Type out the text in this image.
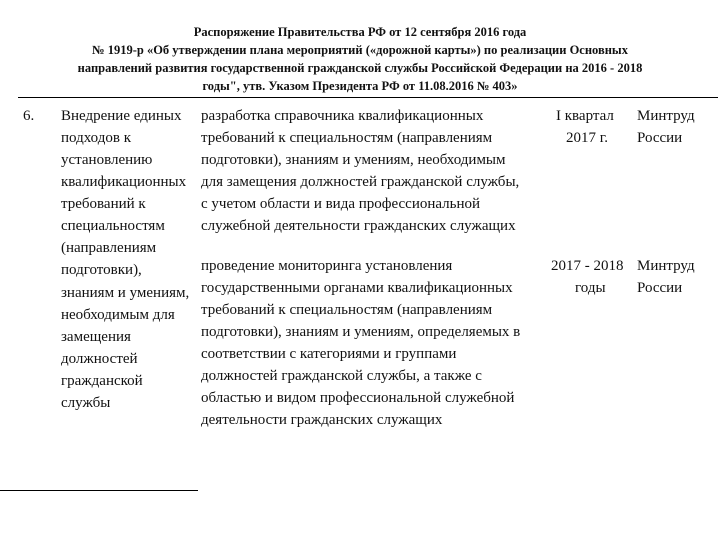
Распоряжение Правительства РФ от 12 сентября 2016 года
№ 1919-р «Об утверждении плана мероприятий («дорожной карты») по реализации Основных
направлений развития государственной гражданской службы Российской Федерации на 2016 - 2018
годы", утв. Указом Президента РФ от 11.08.2016 № 403»
6. Внедрение единых
подходов к
установлению
квалификационных
требований к
специальностям
(направлениям
подготовки),
знаниям и умениям,
необходимым для
замещения
должностей
гражданской
службы
разработка справочника квалификационных
требований к специальностям (направлениям
подготовки), знаниям и умениям, необходимым
для замещения должностей гражданской службы,
с учетом области и вида профессиональной
служебной деятельности гражданских служащих
I квартал
2017 г.
Минтруд
России
проведение мониторинга установления
государственными органами квалификационных
требований к специальностям (направлениям
подготовки), знаниям и умениям, определяемых в
соответствии с категориями и группами
должностей гражданской службы, а также с
областью и видом профессиональной служебной
деятельности гражданских служащих
2017 - 2018
годы
Минтруд
России
